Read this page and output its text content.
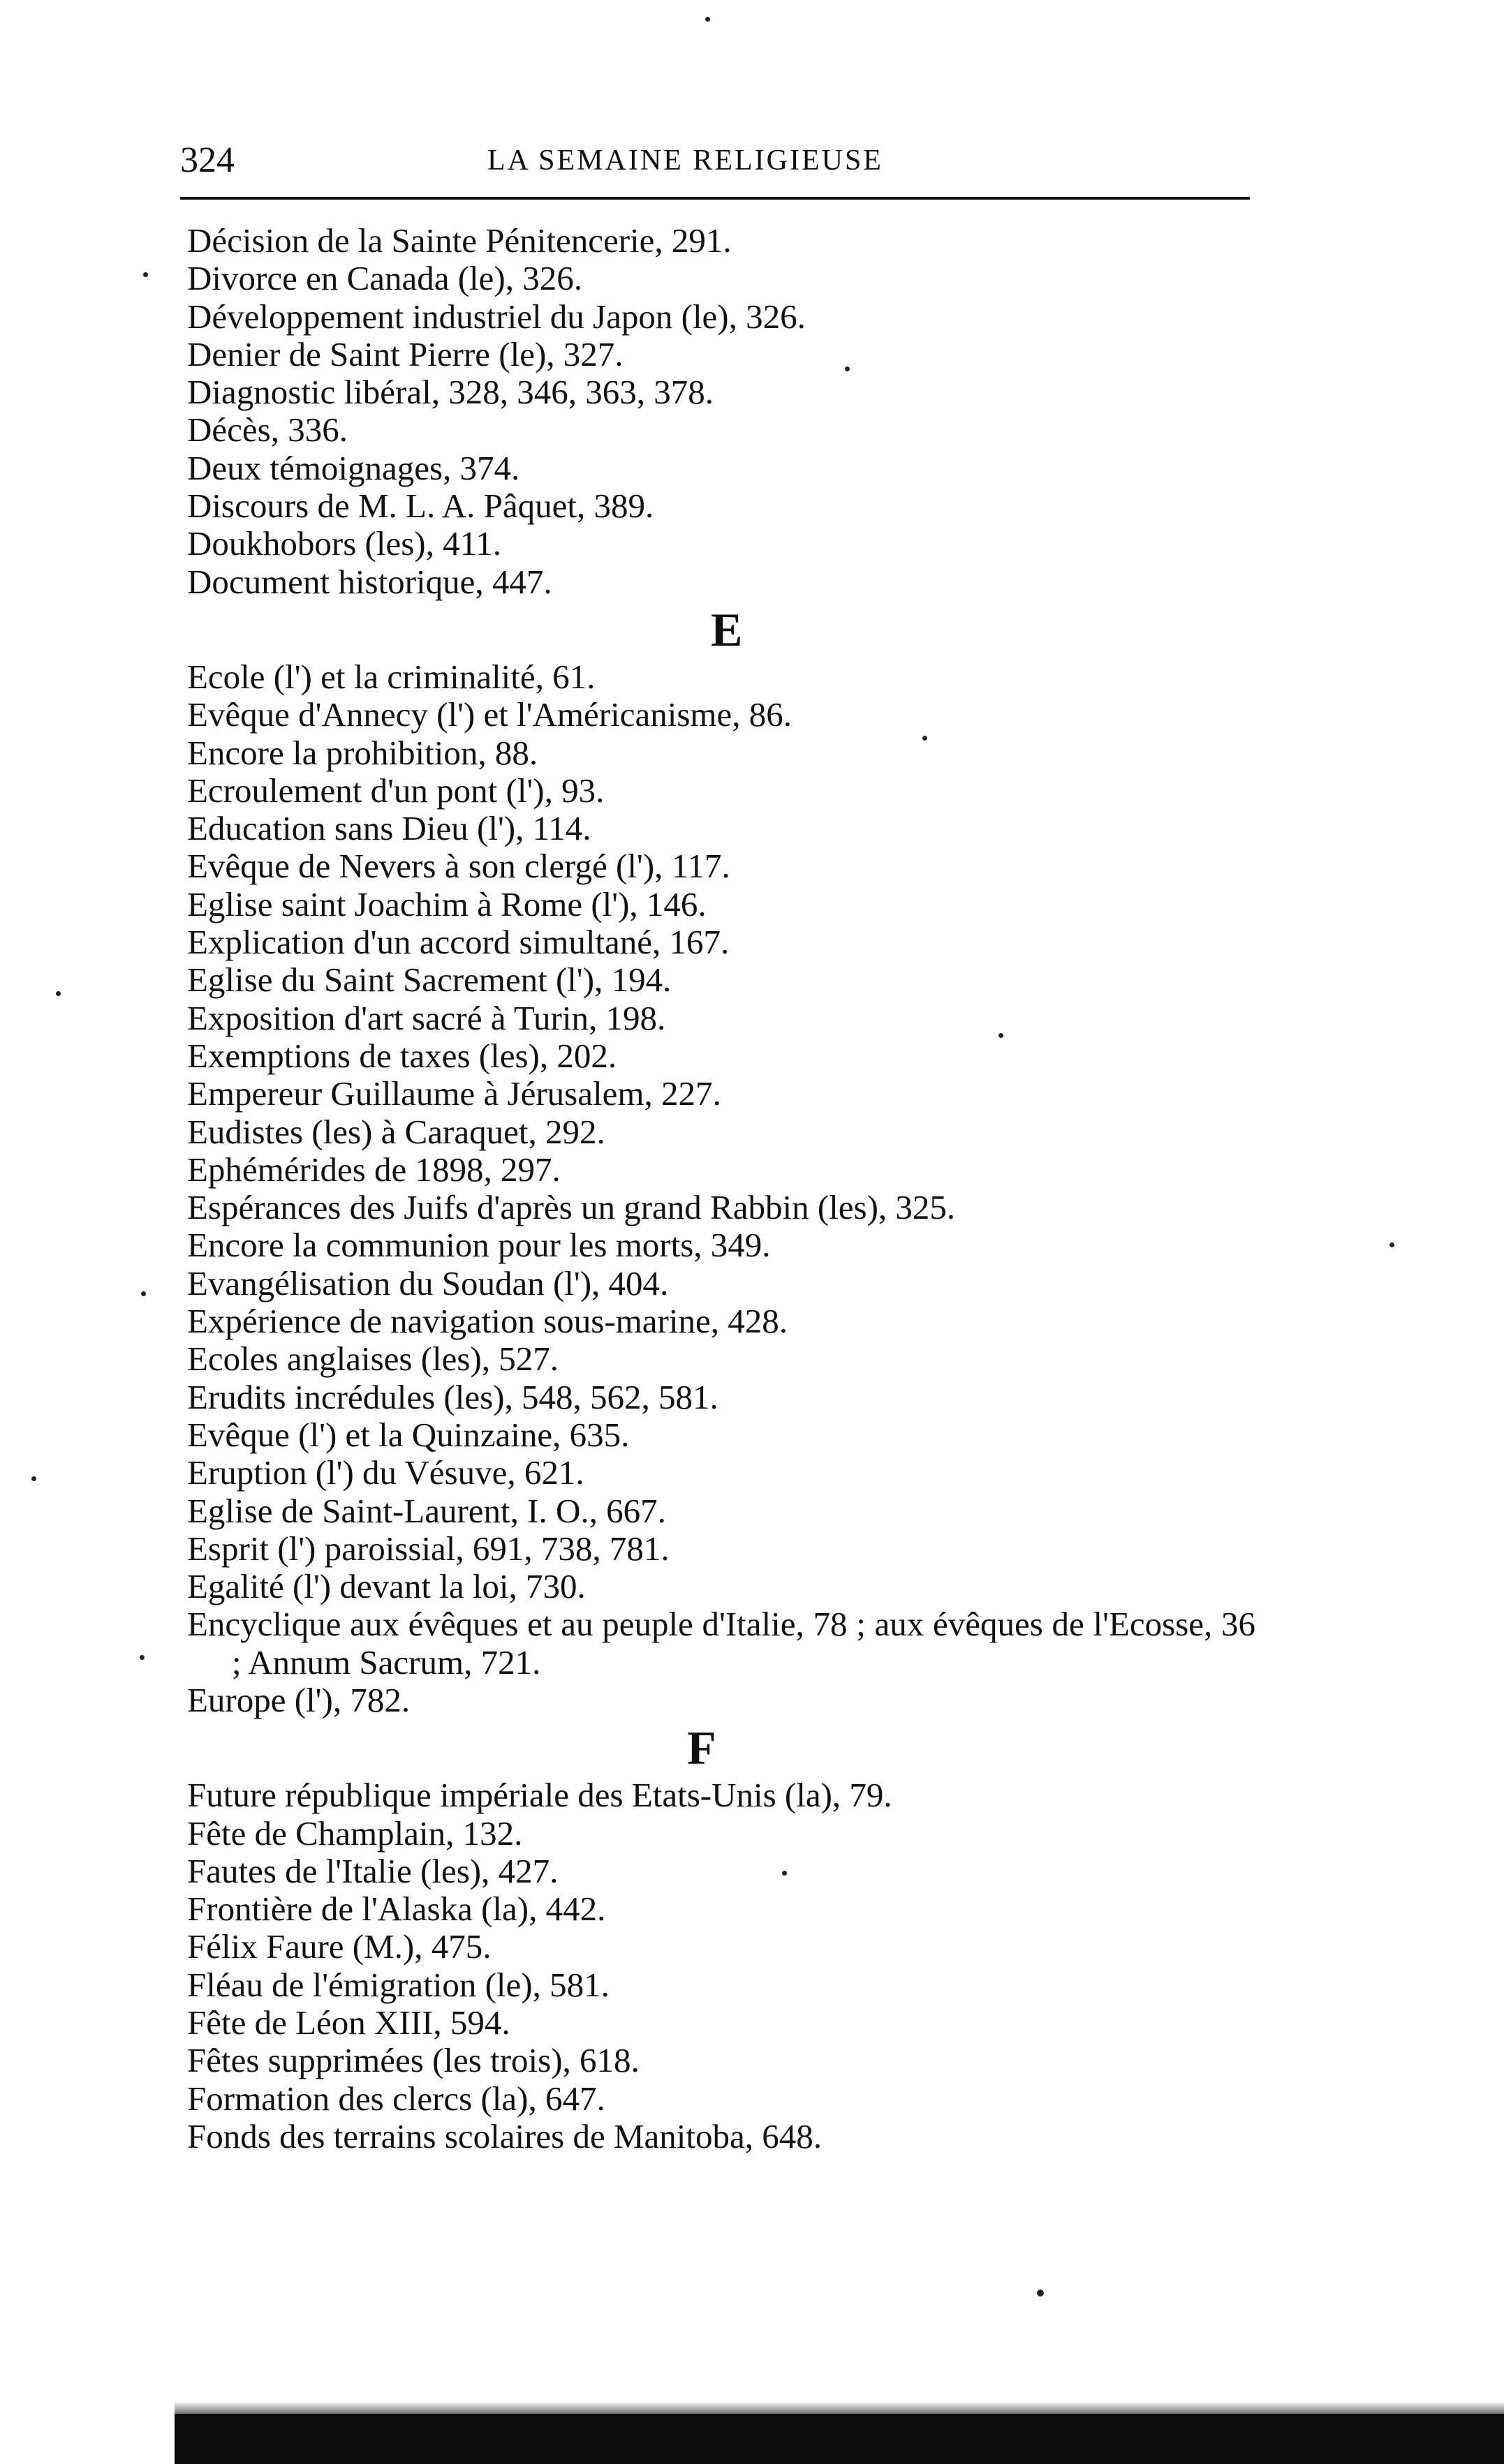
324	LA SEMAINE RELIGIEUSE
Décision de la Sainte Pénitencerie, 291.
Divorce en Canada (le), 326.
Développement industriel du Japon (le), 326.
Denier de Saint Pierre (le), 327.
Diagnostic libéral, 328, 346, 363, 378.
Décès, 336.
Deux témoignages, 374.
Discours de M. L. A. Pâquet, 389.
Doukhobors (les), 411.
Document historique, 447.
E
Ecole (l') et la criminalité, 61.
Evêque d'Annecy (l') et l'Américanisme, 86.
Encore la prohibition, 88.
Ecroulement d'un pont (l'), 93.
Education sans Dieu (l'), 114.
Evêque de Nevers à son clergé (l'), 117.
Eglise saint Joachim à Rome (l'), 146.
Explication d'un accord simultané, 167.
Eglise du Saint Sacrement (l'), 194.
Exposition d'art sacré à Turin, 198.
Exemptions de taxes (les), 202.
Empereur Guillaume à Jérusalem, 227.
Eudistes (les) à Caraquet, 292.
Ephémérides de 1898, 297.
Espérances des Juifs d'après un grand Rabbin (les), 325.
Encore la communion pour les morts, 349.
Evangélisation du Soudan (l'), 404.
Expérience de navigation sous-marine, 428.
Ecoles anglaises (les), 527.
Erudits incrédules (les), 548, 562, 581.
Evêque (l') et la Quinzaine, 635.
Eruption (l') du Vésuve, 621.
Eglise de Saint-Laurent, I. O., 667.
Esprit (l') paroissial, 691, 738, 781.
Egalité (l') devant la loi, 730.
Encyclique aux évêques et au peuple d'Italie, 78 ; aux évêques de l'Ecosse, 36 ; Annum Sacrum, 721.
Europe (l'), 782.
F
Future république impériale des Etats-Unis (la), 79.
Fête de Champlain, 132.
Fautes de l'Italie (les), 427.
Frontière de l'Alaska (la), 442.
Félix Faure (M.), 475.
Fléau de l'émigration (le), 581.
Fête de Léon XIII, 594.
Fêtes supprimées (les trois), 618.
Formation des clercs (la), 647.
Fonds des terrains scolaires de Manitoba, 648.
